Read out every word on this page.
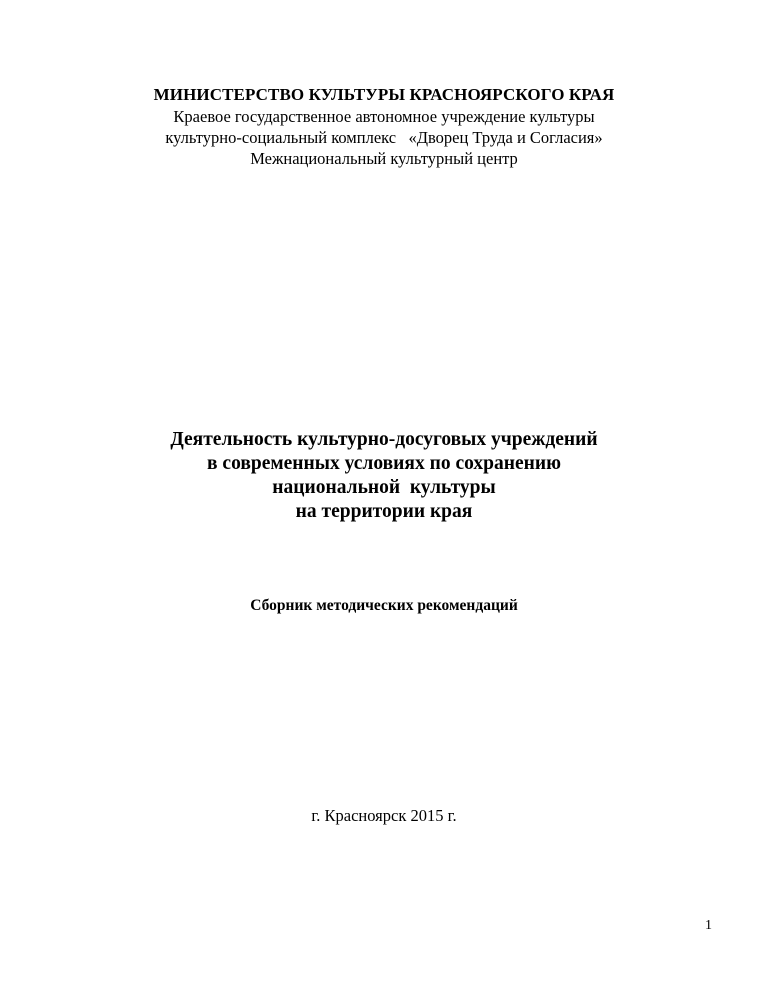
МИНИСТЕРСТВО КУЛЬТУРЫ КРАСНОЯРСКОГО КРАЯ
Краевое государственное автономное учреждение культуры
культурно-социальный комплекс   «Дворец Труда и Согласия»
Межнациональный культурный центр
Деятельность культурно-досуговых учреждений
в современных условиях по сохранению
национальной  культуры
на территории края
Сборник методических рекомендаций
г. Красноярск 2015 г.
1
